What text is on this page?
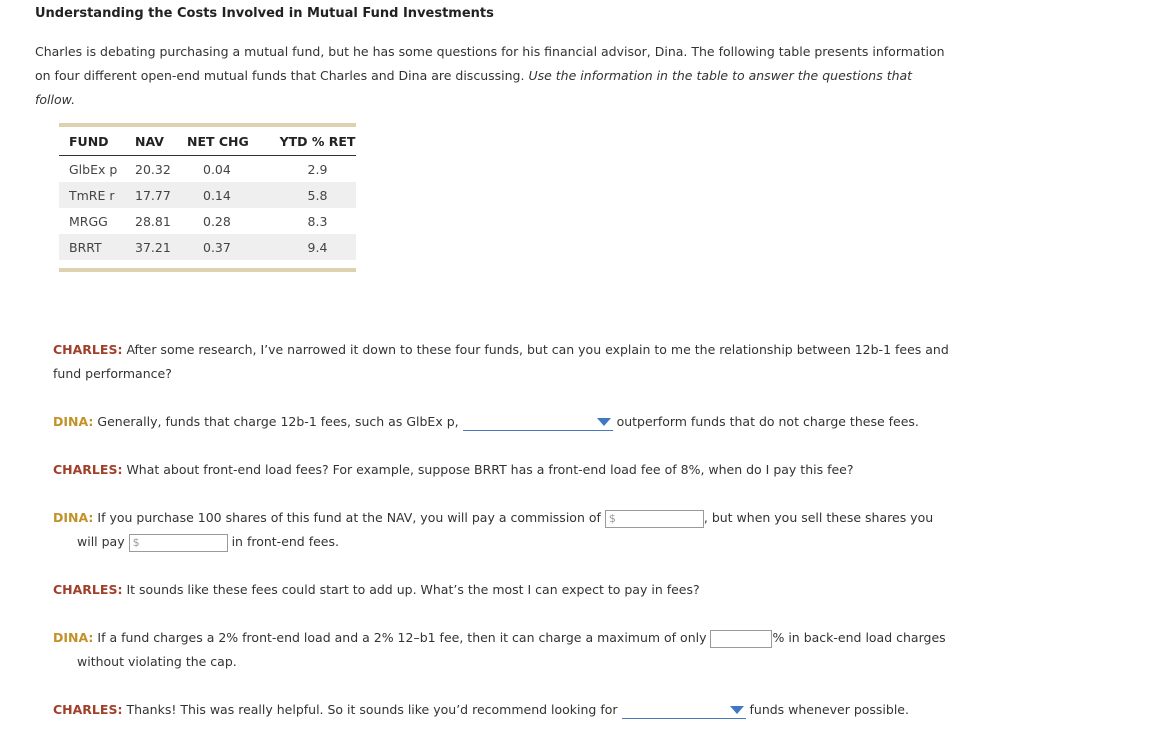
Understanding the Costs Involved in Mutual Fund Investments
Charles is debating purchasing a mutual fund, but he has some questions for his financial advisor, Dina. The following table presents information on four different open-end mutual funds that Charles and Dina are discussing. Use the information in the table to answer the questions that follow.
FUND	NAV	NET CHG	YTD % RET
GlbEx p	20.32	0.04	2.9
TmRE r	17.77	0.14	5.8
MRGG	28.81	0.28	8.3
BRRT	37.21	0.37	9.4

CHARLES: After some research, I’ve narrowed it down to these four funds, but can you explain to me the relationship between 12b-1 fees and fund performance?
DINA: Generally, funds that charge 12b-1 fees, such as GlbEx p,	outperform funds that do not charge these fees.
CHARLES: What about front-end load fees? For example, suppose BRRT has a front-end load fee of 8%, when do I pay this fee?
DINA: If you purchase 100 shares of this fund at the NAV, you will pay a commission of $	, but when you sell these shares you
will pay $	in front-end fees.
CHARLES: It sounds like these fees could start to add up. What’s the most I can expect to pay in fees?
DINA: If a fund charges a 2% front-end load and a 2% 12–b1 fee, then it can charge a maximum of only	% in back-end load charges
without violating the cap.
CHARLES: Thanks! This was really helpful. So it sounds like you’d recommend looking for	funds whenever possible.
